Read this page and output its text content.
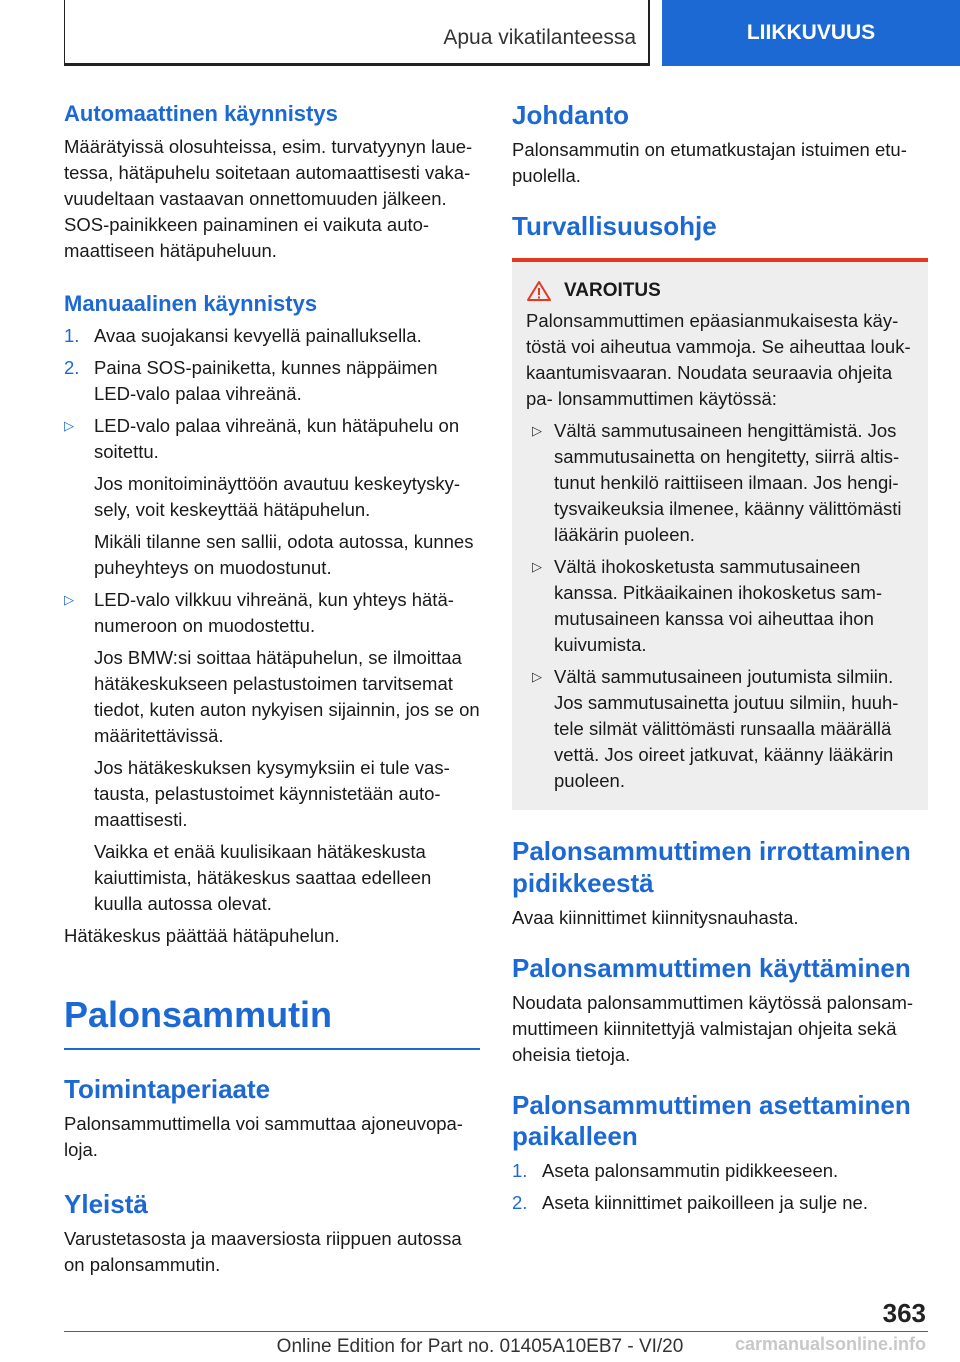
Apua vikatilanteessa	LIIKKUVUUS
Automaattinen käynnistys

Määrätyissä olosuhteissa, esim. turvatyynyn laue- tessa, hätäpuhelu soitetaan automaattisesti vaka- vuudeltaan vastaavan onnettomuuden jälkeen. SOS-painikkeen painaminen ei vaikuta auto- maattiseen hätäpuheluun.

Manuaalinen käynnistys
1. Avaa suojakansi kevyellä painalluksella.
2. Paina SOS-painiketta, kunnes näppäimen LED-valo palaa vihreänä.
▷	LED-valo palaa vihreänä, kun hätäpuhelu on soitettu.
Jos monitoiminäyttöön avautuu keskeytysky- sely, voit keskeyttää hätäpuhelun.
Mikäli tilanne sen sallii, odota autossa, kunnes puheyhteys on muodostunut.
▷	LED-valo vilkkuu vihreänä, kun yhteys hätä- numeroon on muodostettu.
Jos BMW:si soittaa hätäpuhelun, se ilmoittaa hätäkeskukseen pelastustoimen tarvitsemat tiedot, kuten auton nykyisen sijainnin, jos se on määritettävissä.
Jos hätäkeskuksen kysymyksiin ei tule vas- tausta, pelastustoimet käynnistetään auto- maattisesti.
Vaikka et enää kuulisikaan hätäkeskusta kaiuttimista, hätäkeskus saattaa edelleen kuulla autossa olevat.

Hätäkeskus päättää hätäpuhelun.

Palonsammutin
Toimintaperiaate

Palonsammuttimella voi sammuttaa ajoneuvopa- loja.

Yleistä

Varustetasosta ja maaversiosta riippuen autossa on palonsammutin.

Johdanto

Palonsammutin on etumatkustajan istuimen etu- puolella.

Turvallisuusohje
VAROITUS

Palonsammuttimen epäasianmukaisesta käy- töstä voi aiheutua vammoja. Se aiheuttaa louk- kaantumisvaaran. Noudata seuraavia ohjeita pa- lonsammuttimen käytössä:

▷ Vältä sammutusaineen hengittämistä. Jos sammutusainetta on hengitetty, siirrä altis- tunut henkilö raittiiseen ilmaan. Jos hengi- tysvaikeuksia ilmenee, käänny välittömästi lääkärin puoleen.
▷ Vältä ihokosketusta sammutusaineen kanssa. Pitkäaikainen ihokosketus sam- mutusaineen kanssa voi aiheuttaa ihon kuivumista.
▷ Vältä sammutusaineen joutumista silmiin. Jos sammutusainetta joutuu silmiin, huuh- tele silmät välittömästi runsaalla määrällä vettä. Jos oireet jatkuvat, käänny lääkärin puoleen.
Palonsammuttimen irrottaminen pidikkeestä

Avaa kiinnittimet kiinnitysnauhasta.

Palonsammuttimen käyttäminen

Noudata palonsammuttimen käytössä palonsam- muttimeen kiinnitettyjä valmistajan ohjeita sekä oheisia tietoja.

Palonsammuttimen asettaminen paikalleen
1. Aseta palonsammutin pidikkeeseen.
2. Aseta kiinnittimet paikoilleen ja sulje ne.
363
Online Edition for Part no. 01405A10EB7 - VI/20	carmanualsonline.info
